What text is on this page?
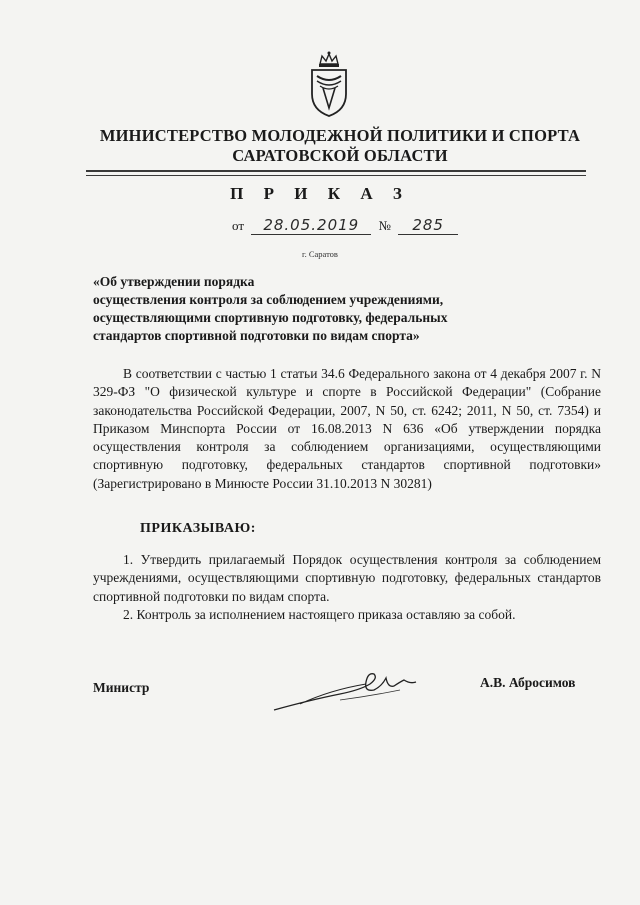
МИНИСТЕРСТВО МОЛОДЕЖНОЙ ПОЛИТИКИ И СПОРТА
САРАТОВСКОЙ ОБЛАСТИ
П Р И К А З
от 28.05.2019 № 285
г. Саратов
«Об утверждении порядка
осуществления контроля за соблюдением учреждениями,
осуществляющими спортивную подготовку, федеральных
стандартов спортивной подготовки по видам спорта»
В соответствии с частью 1 статьи 34.6 Федерального закона от 4 декабря 2007 г. N 329-ФЗ "О физической культуре и спорте в Российской Федерации" (Собрание законодательства Российской Федерации, 2007, N 50, ст. 6242; 2011, N 50, ст. 7354) и Приказом Минспорта России от 16.08.2013 N 636 «Об утверждении порядка осуществления контроля за соблюдением организациями, осуществляющими спортивную подготовку, федеральных стандартов спортивной подготовки» (Зарегистрировано в Минюсте России 31.10.2013 N 30281)
ПРИКАЗЫВАЮ:
1. Утвердить прилагаемый Порядок осуществления контроля за соблюдением учреждениями, осуществляющими спортивную подготовку, федеральных стандартов спортивной подготовки по видам спорта.
2. Контроль за исполнением настоящего приказа оставляю за собой.
Министр	А.В. Абросимов
